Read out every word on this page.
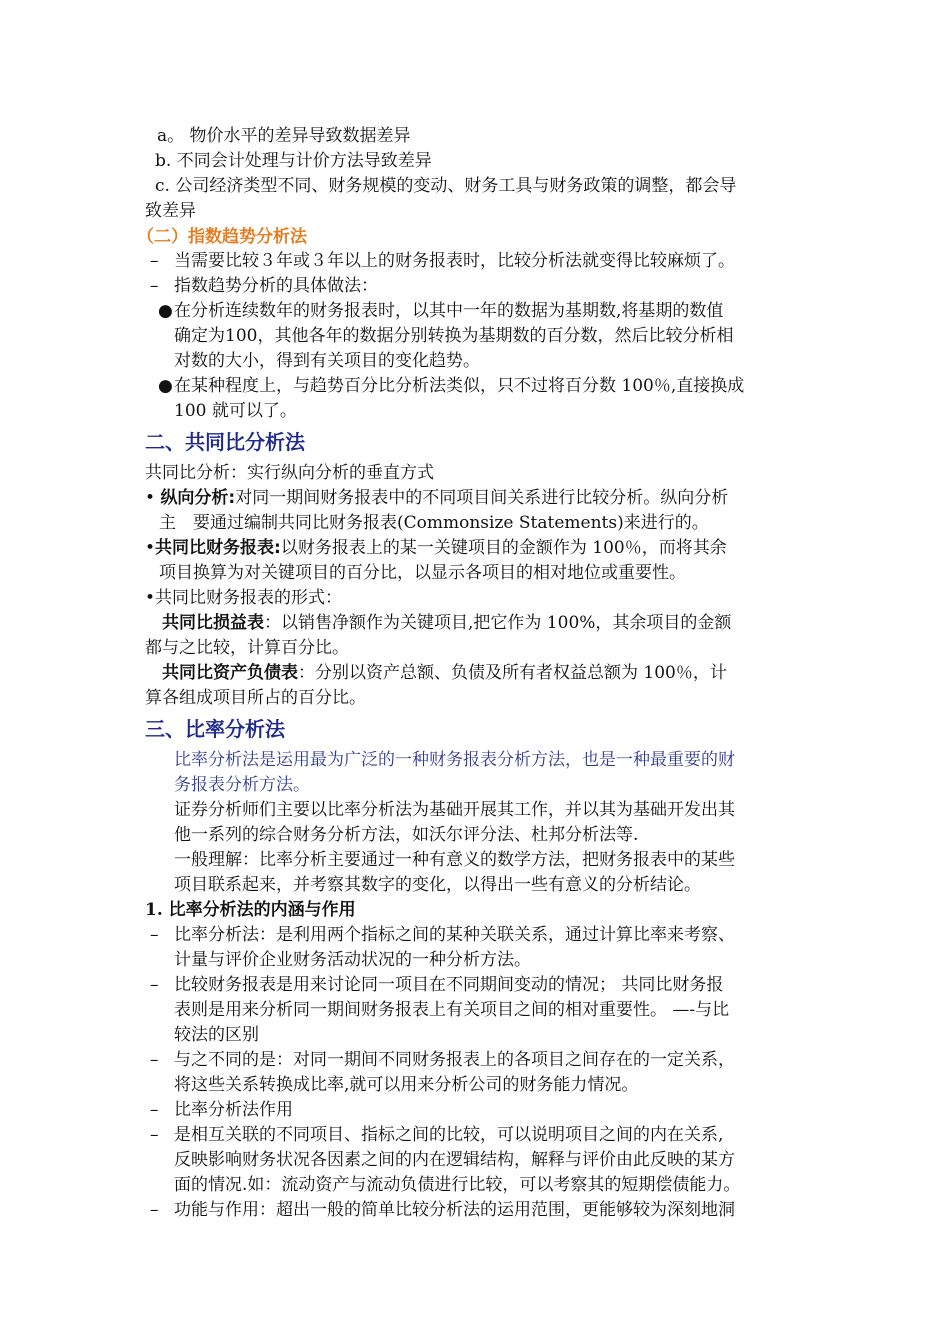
a。 物价水平的差异导致数据差异
b. 不同会计处理与计价方法导致差异
c. 公司经济类型不同、财务规模的变动、财务工具与财务政策的调整，都会导
致差异
（二）指数趋势分析法
– 当需要比较３年或３年以上的财务报表时，比较分析法就变得比较麻烦了。
– 指数趋势分析的具体做法：
● 在分析连续数年的财务报表时，以其中一年的数据为基期数,将基期的数值
确定为100，其他各年的数据分别转换为基期数的百分数，然后比较分析相
对数的大小，得到有关项目的变化趋势。
● 在某种程度上，与趋势百分比分析法类似，只不过将百分数 100％,直接换成
100 就可以了。
二、共同比分析法
共同比分析：实行纵向分析的垂直方式
• 纵向分析:对同一期间财务报表中的不同项目间关系进行比较分析。纵向分析
主　要通过编制共同比财务报表(Commonsize Statements)来进行的。
•共同比财务报表:以财务报表上的某一关键项目的金额作为 100％，而将其余
项目换算为对关键项目的百分比，以显示各项目的相对地位或重要性。
•共同比财务报表的形式：
共同比损益表：以销售净额作为关键项目,把它作为 100%，其余项目的金额
都与之比较，计算百分比。
共同比资产负债表：分别以资产总额、负债及所有者权益总额为 100％，计
算各组成项目所占的百分比。
三、比率分析法
比率分析法是运用最为广泛的一种财务报表分析方法，也是一种最重要的财
务报表分析方法。
证券分析师们主要以比率分析法为基础开展其工作，并以其为基础开发出其
他一系列的综合财务分析方法，如沃尔评分法、杜邦分析法等.
一般理解：比率分析主要通过一种有意义的数学方法，把财务报表中的某些
项目联系起来，并考察其数字的变化，以得出一些有意义的分析结论。
1. 比率分析法的内涵与作用
– 比率分析法：是利用两个指标之间的某种关联关系，通过计算比率来考察、
计量与评价企业财务活动状况的一种分析方法。
– 比较财务报表是用来讨论同一项目在不同期间变动的情况； 共同比财务报
表则是用来分析同一期间财务报表上有关项目之间的相对重要性。 —-与比
较法的区别
– 与之不同的是：对同一期间不同财务报表上的各项目之间存在的一定关系，
将这些关系转换成比率,就可以用来分析公司的财务能力情况。
– 比率分析法作用
– 是相互关联的不同项目、指标之间的比较，可以说明项目之间的内在关系,
反映影响财务状况各因素之间的内在逻辑结构，解释与评价由此反映的某方
面的情况.如：流动资产与流动负债进行比较，可以考察其的短期偿债能力。
– 功能与作用：超出一般的简单比较分析法的运用范围，更能够较为深刻地洞
